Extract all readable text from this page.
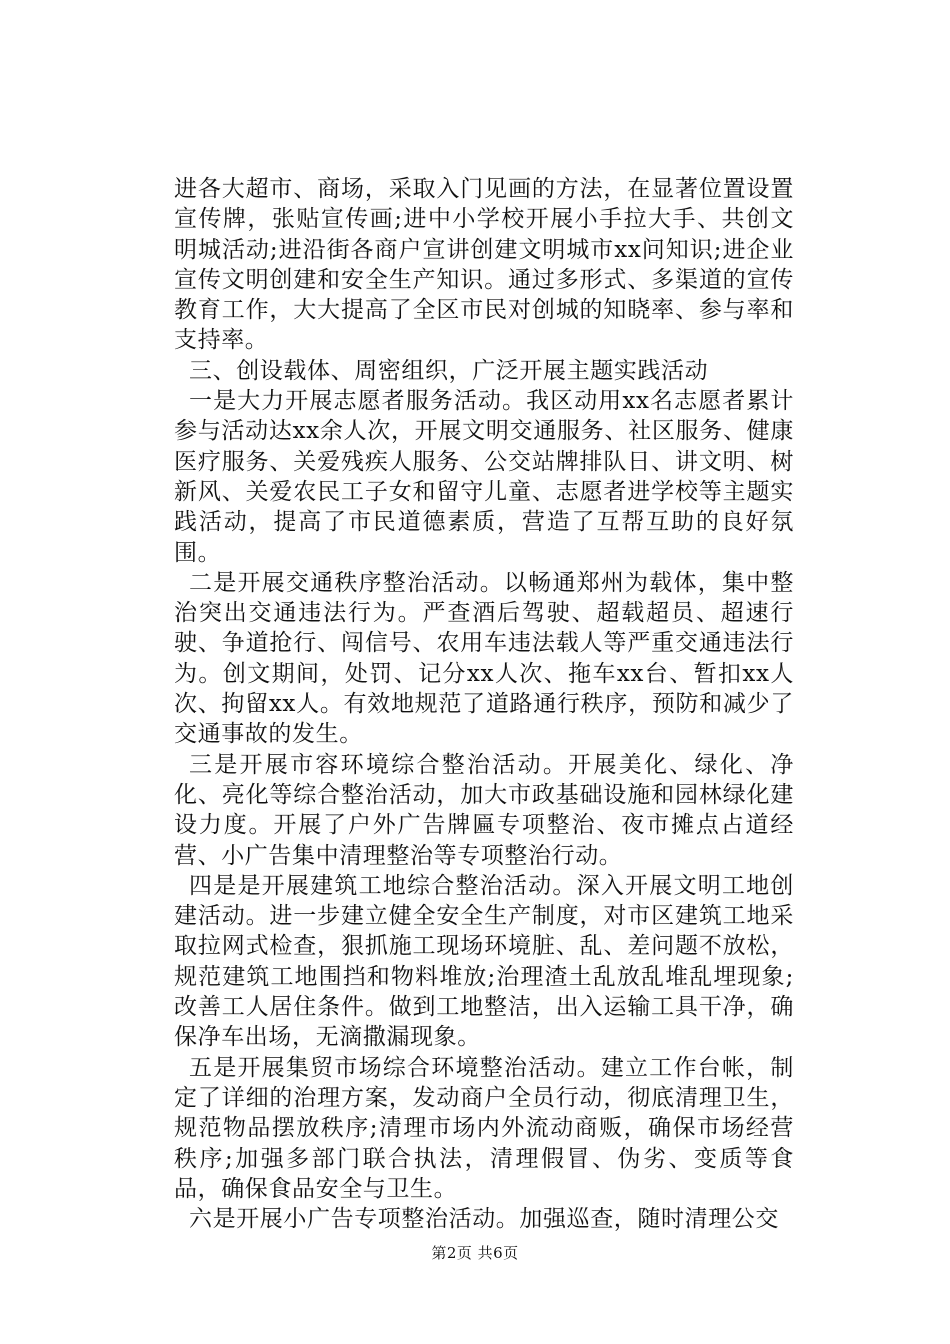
进各大超市、商场，采取入门见画的方法，在显著位置设置宣传牌，张贴宣传画;进中小学校开展小手拉大手、共创文明城活动;进沿街各商户宣讲创建文明城市xx问知识;进企业宣传文明创建和安全生产知识。通过多形式、多渠道的宣传教育工作，大大提高了全区市民对创城的知晓率、参与率和支持率。

三、创设载体、周密组织，广泛开展主题实践活动

一是大力开展志愿者服务活动。我区动用xx名志愿者累计参与活动达xx余人次，开展文明交通服务、社区服务、健康医疗服务、关爱残疾人服务、公交站牌排队日、讲文明、树新风、关爱农民工子女和留守儿童、志愿者进学校等主题实践活动，提高了市民道德素质，营造了互帮互助的良好氛围。

二是开展交通秩序整治活动。以畅通郑州为载体，集中整治突出交通违法行为。严查酒后驾驶、超载超员、超速行驶、争道抢行、闯信号、农用车违法载人等严重交通违法行为。创文期间，处罚、记分xx人次、拖车xx台、暂扣xx人次、拘留xx人。有效地规范了道路通行秩序，预防和减少了交通事故的发生。

三是开展市容环境综合整治活动。开展美化、绿化、净化、亮化等综合整治活动，加大市政基础设施和园林绿化建设力度。开展了户外广告牌匾专项整治、夜市摊点占道经营、小广告集中清理整治等专项整治行动。

四是是开展建筑工地综合整治活动。深入开展文明工地创建活动。进一步建立健全安全生产制度，对市区建筑工地采取拉网式检查，狠抓施工现场环境脏、乱、差问题不放松，规范建筑工地围挡和物料堆放;治理渣土乱放乱堆乱埋现象;改善工人居住条件。做到工地整洁，出入运输工具干净，确保净车出场，无滴撒漏现象。

五是开展集贸市场综合环境整治活动。建立工作台帐，制定了详细的治理方案，发动商户全员行动，彻底清理卫生，规范物品摆放秩序;清理市场内外流动商贩，确保市场经营秩序;加强多部门联合执法，清理假冒、伪劣、变质等食品，确保食品安全与卫生。

六是开展小广告专项整治活动。加强巡查，随时清理公交

第2页 共6页
